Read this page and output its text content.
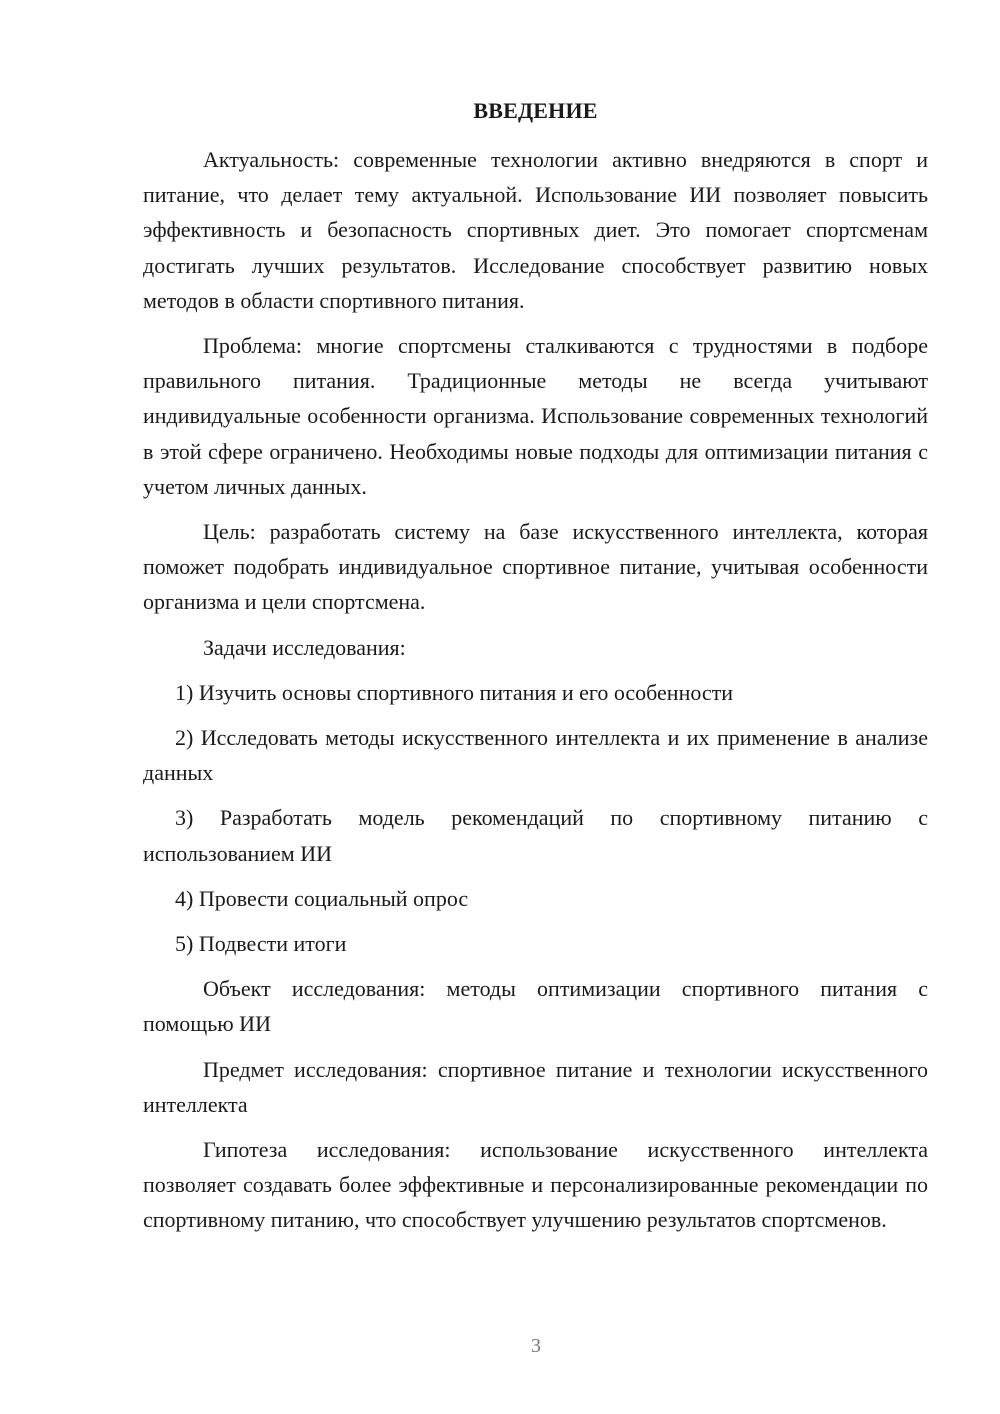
ВВЕДЕНИЕ

Актуальность: современные технологии активно внедряются в спорт и питание, что делает тему актуальной. Использование ИИ позволяет повысить эффективность и безопасность спортивных диет. Это помогает спортсменам достигать лучших результатов. Исследование способствует развитию новых методов в области спортивного питания.

Проблема: многие спортсмены сталкиваются с трудностями в подборе правильного питания. Традиционные методы не всегда учитывают индивидуальные особенности организма. Использование современных технологий в этой сфере ограничено. Необходимы новые подходы для оптимизации питания с учетом личных данных.

Цель: разработать систему на базе искусственного интеллекта, которая поможет подобрать индивидуальное спортивное питание, учитывая особенности организма и цели спортсмена.

Задачи исследования:

1) Изучить основы спортивного питания и его особенности

2) Исследовать методы искусственного интеллекта и их применение в анализе данных

3) Разработать модель рекомендаций по спортивному питанию с использованием ИИ

4) Провести социальный опрос

5) Подвести итоги

Объект исследования: методы оптимизации спортивного питания с помощью ИИ

Предмет исследования: спортивное питание и технологии искусственного интеллекта

Гипотеза исследования: использование искусственного интеллекта позволяет создавать более эффективные и персонализированные рекомендации по спортивному питанию, что способствует улучшению результатов спортсменов.

3
